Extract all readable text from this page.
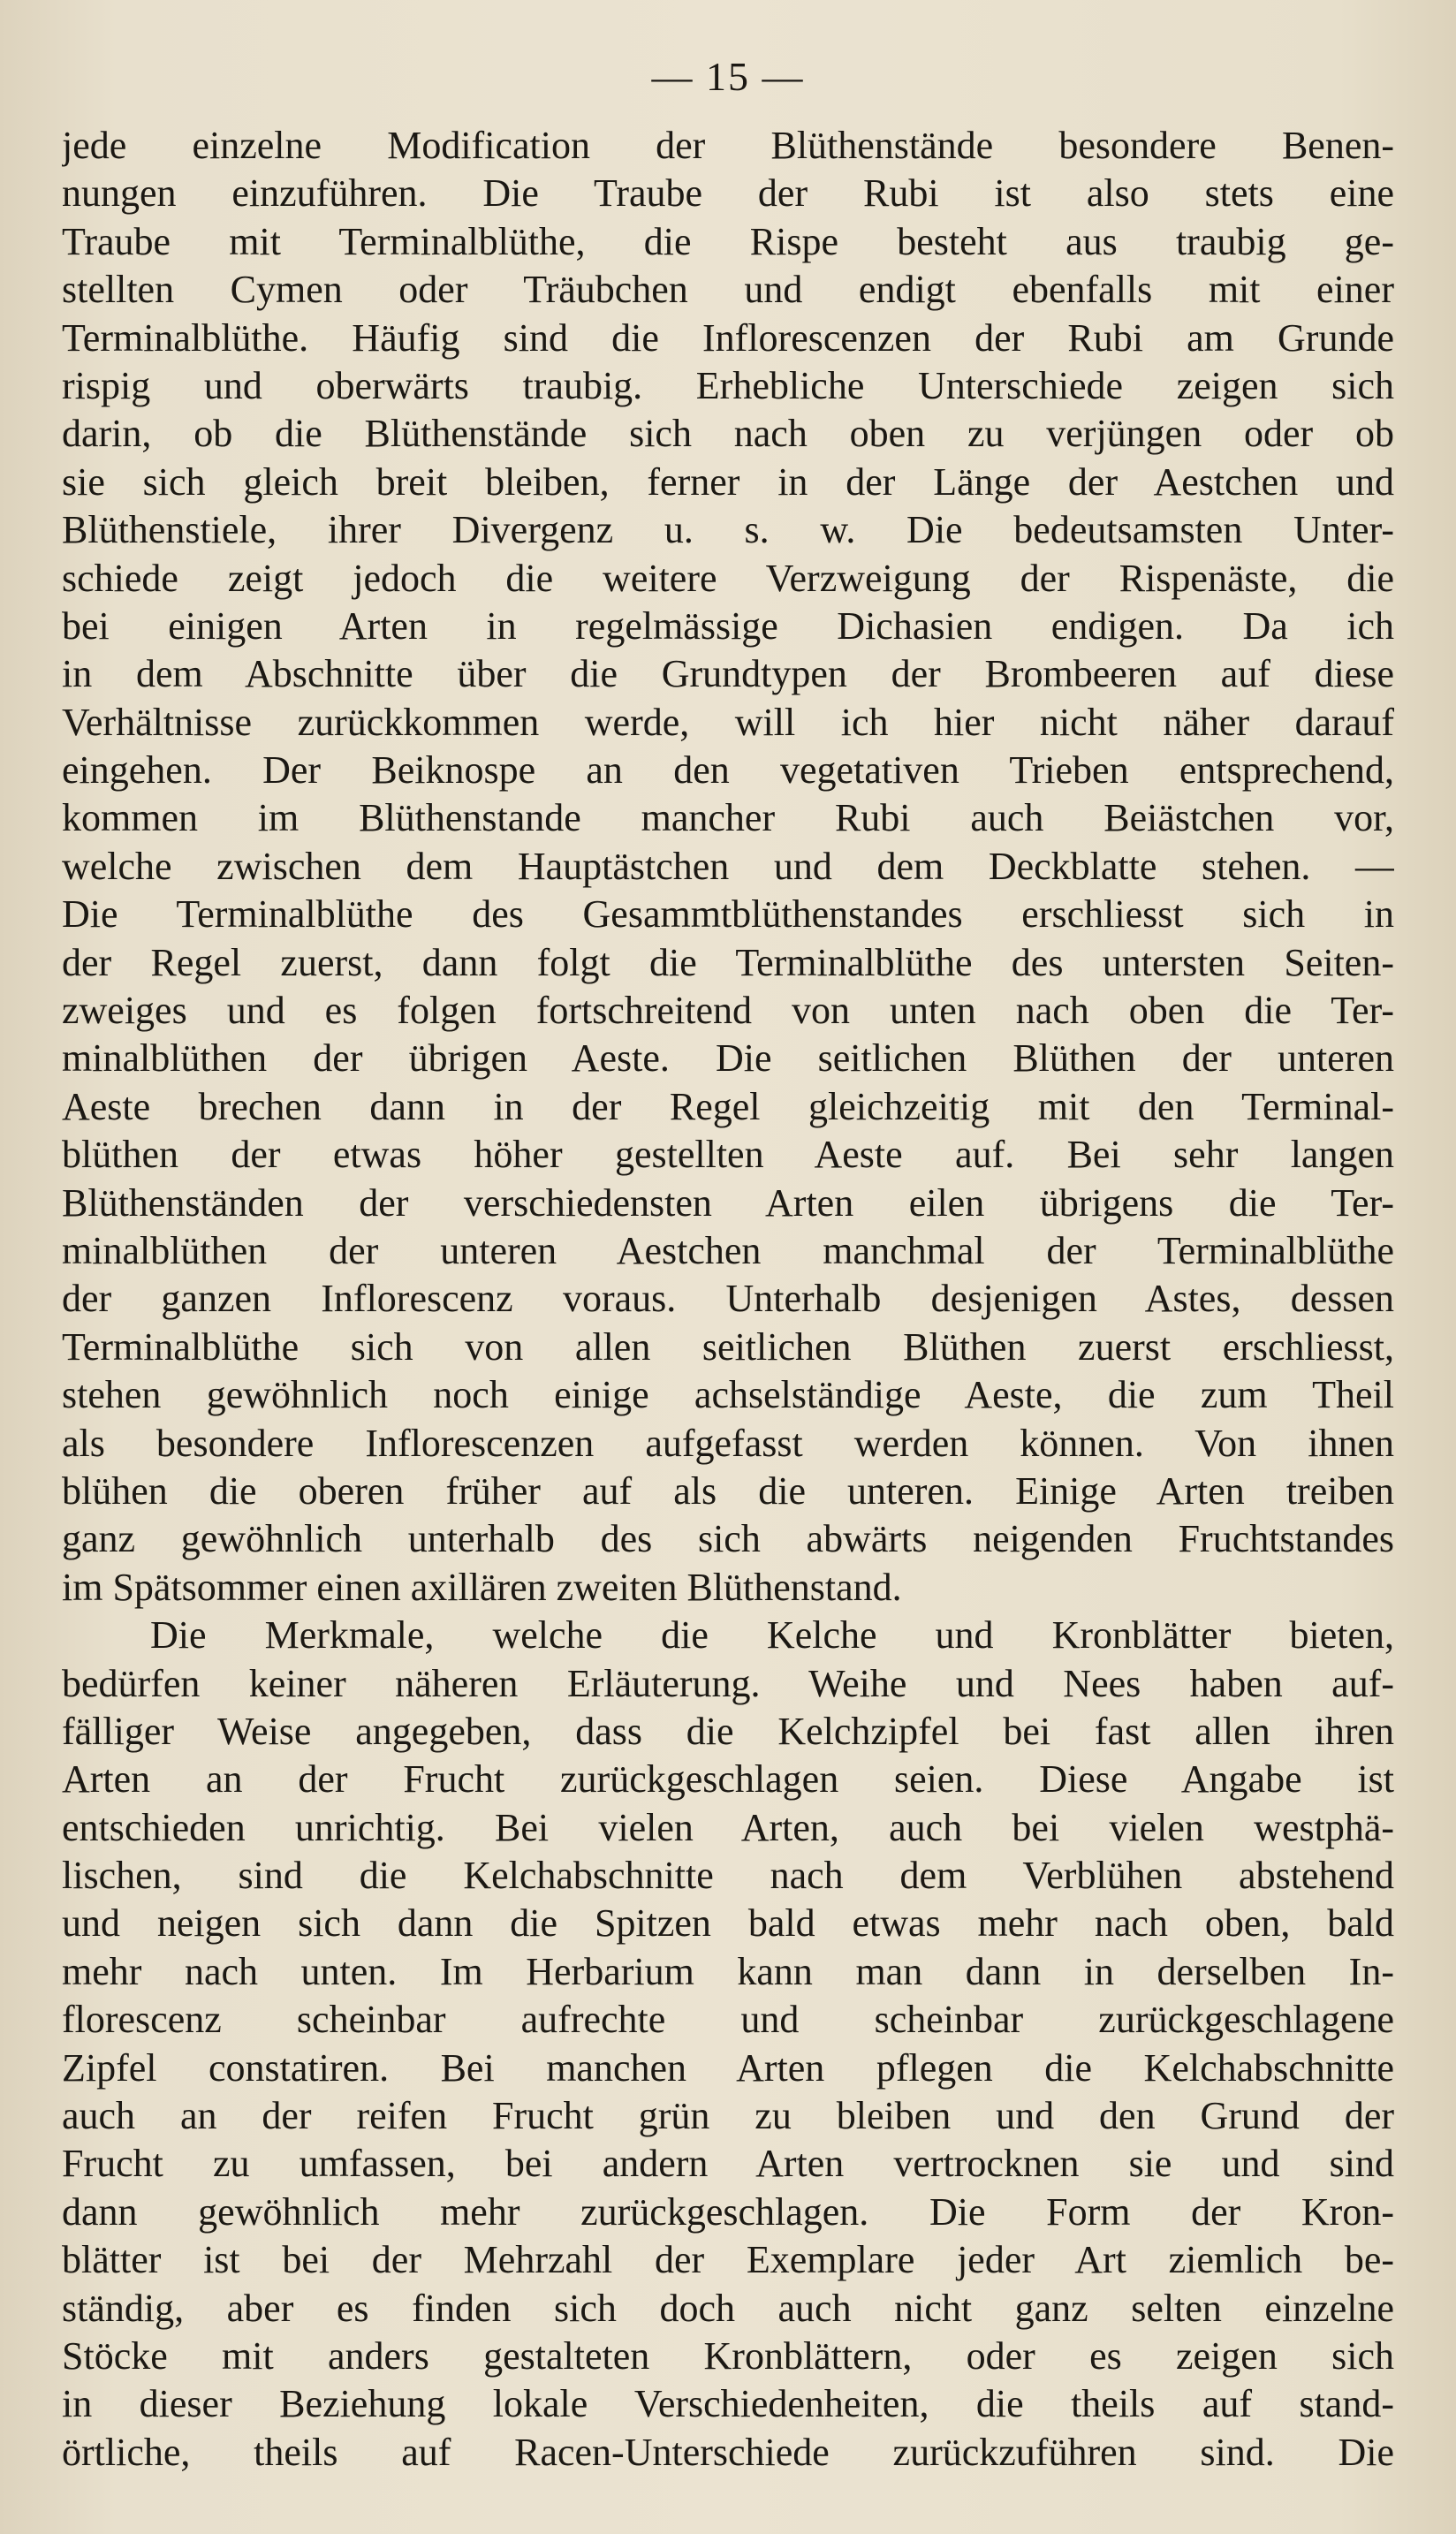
— 15 —
jede einzelne Modification der Blüthenstände besondere Benen-
nungen einzuführen. Die Traube der Rubi ist also stets eine
Traube mit Terminalblüthe, die Rispe besteht aus traubig ge-
stellten Cymen oder Träubchen und endigt ebenfalls mit einer
Terminalblüthe. Häufig sind die Inflorescenzen der Rubi am Grunde
rispig und oberwärts traubig. Erhebliche Unterschiede zeigen sich
darin, ob die Blüthenstände sich nach oben zu verjüngen oder ob
sie sich gleich breit bleiben, ferner in der Länge der Aestchen und
Blüthenstiele, ihrer Divergenz u. s. w. Die bedeutsamsten Unter-
schiede zeigt jedoch die weitere Verzweigung der Rispenäste, die
bei einigen Arten in regelmässige Dichasien endigen. Da ich
in dem Abschnitte über die Grundtypen der Brombeeren auf diese
Verhältnisse zurückkommen werde, will ich hier nicht näher darauf
eingehen. Der Beiknospe an den vegetativen Trieben entsprechend,
kommen im Blüthenstande mancher Rubi auch Beiästchen vor,
welche zwischen dem Hauptästchen und dem Deckblatte stehen. —
Die Terminalblüthe des Gesammtblüthenstandes erschliesst sich in
der Regel zuerst, dann folgt die Terminalblüthe des untersten Seiten-
zweiges und es folgen fortschreitend von unten nach oben die Ter-
minalblüthen der übrigen Aeste. Die seitlichen Blüthen der unteren
Aeste brechen dann in der Regel gleichzeitig mit den Terminal-
blüthen der etwas höher gestellten Aeste auf. Bei sehr langen
Blüthenständen der verschiedensten Arten eilen übrigens die Ter-
minalblüthen der unteren Aestchen manchmal der Terminalblüthe
der ganzen Inflorescenz voraus. Unterhalb desjenigen Astes, dessen
Terminalblüthe sich von allen seitlichen Blüthen zuerst erschliesst,
stehen gewöhnlich noch einige achselständige Aeste, die zum Theil
als besondere Inflorescenzen aufgefasst werden können. Von ihnen
blühen die oberen früher auf als die unteren. Einige Arten treiben
ganz gewöhnlich unterhalb des sich abwärts neigenden Fruchtstandes
im Spätsommer einen axillären zweiten Blüthenstand.
Die Merkmale, welche die Kelche und Kronblätter bieten,
bedürfen keiner näheren Erläuterung. Weihe und Nees haben auf-
fälliger Weise angegeben, dass die Kelchzipfel bei fast allen ihren
Arten an der Frucht zurückgeschlagen seien. Diese Angabe ist
entschieden unrichtig. Bei vielen Arten, auch bei vielen westphä-
lischen, sind die Kelchabschnitte nach dem Verblühen abstehend
und neigen sich dann die Spitzen bald etwas mehr nach oben, bald
mehr nach unten. Im Herbarium kann man dann in derselben In-
florescenz scheinbar aufrechte und scheinbar zurückgeschlagene
Zipfel constatiren. Bei manchen Arten pflegen die Kelchabschnitte
auch an der reifen Frucht grün zu bleiben und den Grund der
Frucht zu umfassen, bei andern Arten vertrocknen sie und sind
dann gewöhnlich mehr zurückgeschlagen. Die Form der Kron-
blätter ist bei der Mehrzahl der Exemplare jeder Art ziemlich be-
ständig, aber es finden sich doch auch nicht ganz selten einzelne
Stöcke mit anders gestalteten Kronblättern, oder es zeigen sich
in dieser Beziehung lokale Verschiedenheiten, die theils auf stand-
örtliche, theils auf Racen-Unterschiede zurückzuführen sind. Die
